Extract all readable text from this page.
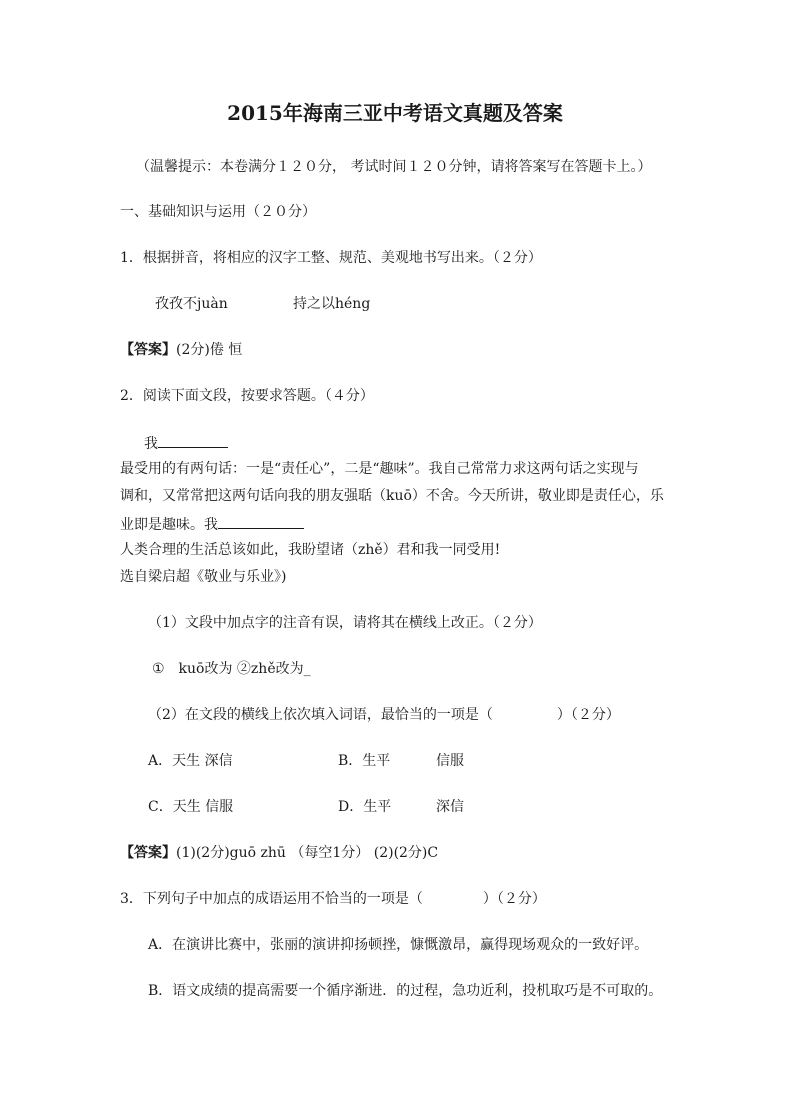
2015年海南三亚中考语文真题及答案
（温馨提示：本卷满分１２０分， 考试时间１２０分钟，请将答案写在答题卡上。）
一、基础知识与运用（２０分）
1．根据拼音，将相应的汉字工整、规范、美观地书写出来。（２分）
孜孜不juàn	持之以héng
【答案】(2分)倦 恒
2．阅读下面文段，按要求答题。（４分）
我
最受用的有两句话：一是“责任心”，二是“趣味”。我自己常常力求这两句话之实现与
调和，又常常把这两句话向我的朋友强聒（kuō）不舍。今天所讲，敬业即是责任心，乐
业即是趣味。我
人类合理的生活总该如此，我盼望诸（zhě）君和我一同受用!
选自梁启超《敬业与乐业》)
（1）文段中加点字的注音有误，请将其在横线上改正。（２分）
①　kuō改为 ②zhě改为_
（2）在文段的横线上依次填入词语，最恰当的一项是（	）（２分）
A．天生 深信	B．生平	信服
C．天生 信服	D．生平	深信
【答案】(1)(2分)guō zhū （每空1分） (2)(2分)C
3．下列句子中加点的成语运用不恰当的一项是（	）（２分）
A．在演讲比赛中，张丽的演讲抑扬顿挫，慷慨激昂，赢得现场观众的一致好评。
B．语文成绩的提高需要一个循序渐进．的过程，急功近利，投机取巧是不可取的。
